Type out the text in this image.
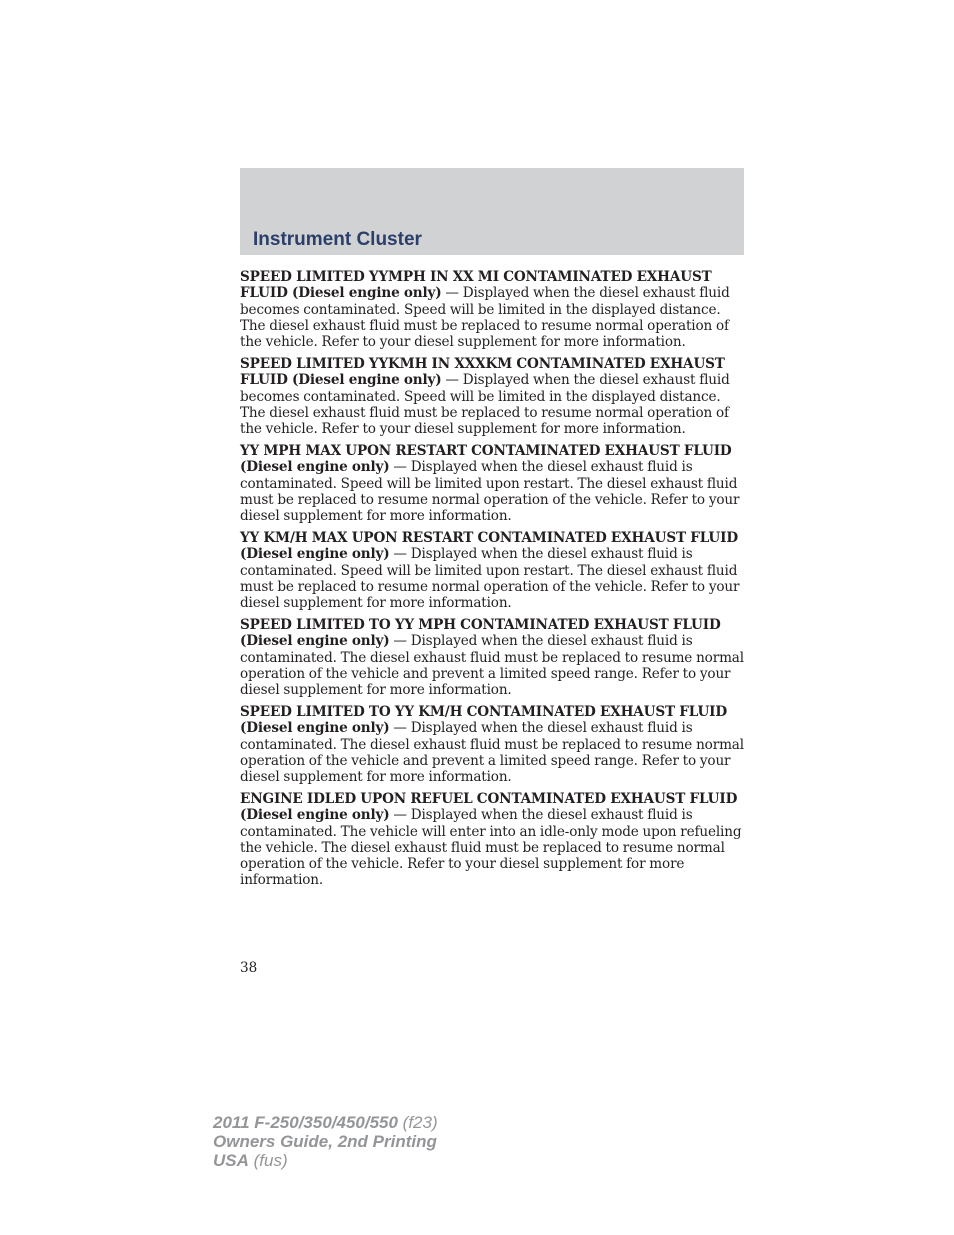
Instrument Cluster

SPEED LIMITED YYMPH IN XX MI CONTAMINATED EXHAUST FLUID (Diesel engine only) — Displayed when the diesel exhaust fluid becomes contaminated. Speed will be limited in the displayed distance. The diesel exhaust fluid must be replaced to resume normal operation of the vehicle. Refer to your diesel supplement for more information.

SPEED LIMITED YYKMH IN XXXKM CONTAMINATED EXHAUST FLUID (Diesel engine only) — Displayed when the diesel exhaust fluid becomes contaminated. Speed will be limited in the displayed distance. The diesel exhaust fluid must be replaced to resume normal operation of the vehicle. Refer to your diesel supplement for more information.

YY MPH MAX UPON RESTART CONTAMINATED EXHAUST FLUID (Diesel engine only) — Displayed when the diesel exhaust fluid is contaminated. Speed will be limited upon restart. The diesel exhaust fluid must be replaced to resume normal operation of the vehicle. Refer to your diesel supplement for more information.

YY KM/H MAX UPON RESTART CONTAMINATED EXHAUST FLUID (Diesel engine only) — Displayed when the diesel exhaust fluid is contaminated. Speed will be limited upon restart. The diesel exhaust fluid must be replaced to resume normal operation of the vehicle. Refer to your diesel supplement for more information.

SPEED LIMITED TO YY MPH CONTAMINATED EXHAUST FLUID (Diesel engine only) — Displayed when the diesel exhaust fluid is contaminated. The diesel exhaust fluid must be replaced to resume normal operation of the vehicle and prevent a limited speed range. Refer to your diesel supplement for more information.

SPEED LIMITED TO YY KM/H CONTAMINATED EXHAUST FLUID (Diesel engine only) — Displayed when the diesel exhaust fluid is contaminated. The diesel exhaust fluid must be replaced to resume normal operation of the vehicle and prevent a limited speed range. Refer to your diesel supplement for more information.

ENGINE IDLED UPON REFUEL CONTAMINATED EXHAUST FLUID (Diesel engine only) — Displayed when the diesel exhaust fluid is contaminated. The vehicle will enter into an idle-only mode upon refueling the vehicle. The diesel exhaust fluid must be replaced to resume normal operation of the vehicle. Refer to your diesel supplement for more information.

38
2011 F-250/350/450/550 (f23)
Owners Guide, 2nd Printing
USA (fus)
